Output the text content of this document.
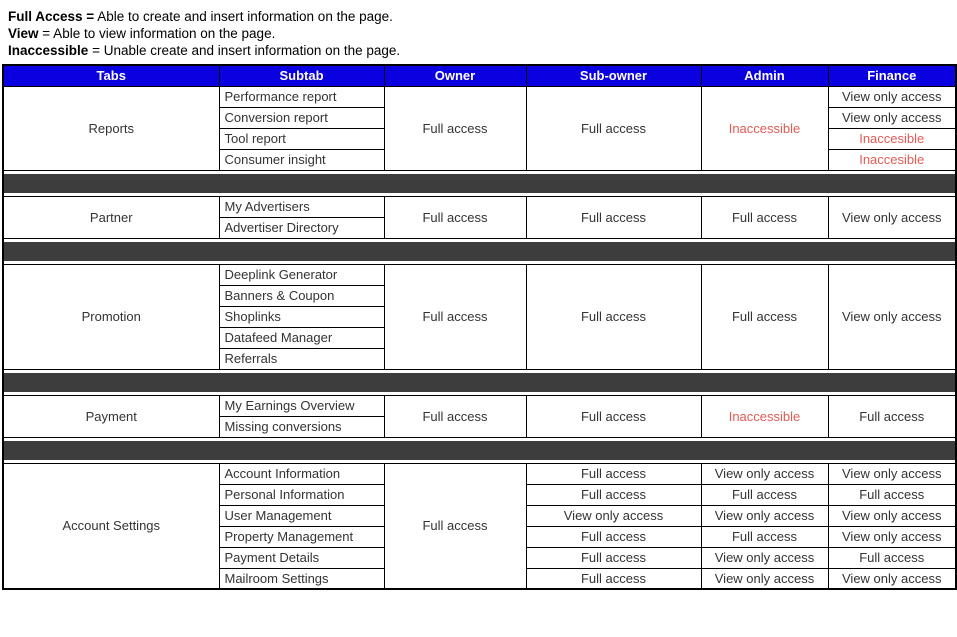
Full Access = Able to create and insert information on the page.
View = Able to view information on the page.
Inaccessible = Unable create and insert information on the page.
Tabs	Subtab	Owner	Sub-owner	Admin	Finance
Reports	Performance report	Full access	Full access	Inaccessible	View only access
	Conversion report				View only access
	Tool report				Inaccesible
	Consumer insight				Inaccesible

Partner	My Advertisers	Full access	Full access	Full access	View only access
	Advertiser Directory				

Promotion	Deeplink Generator	Full access	Full access	Full access	View only access
	Banners & Coupon				
	Shoplinks				
	Datafeed Manager				
	Referrals				

Payment	My Earnings Overview	Full access	Full access	Inaccessible	Full access
	Missing conversions				

Account Settings	Account Information	Full access	Full access	View only access	View only access
	Personal Information		Full access	Full access	Full access
	User Management		View only access	View only access	View only access
	Property Management		Full access	Full access	View only access
	Payment Details		Full access	View only access	Full access
	Mailroom Settings		Full access	View only access	View only access
